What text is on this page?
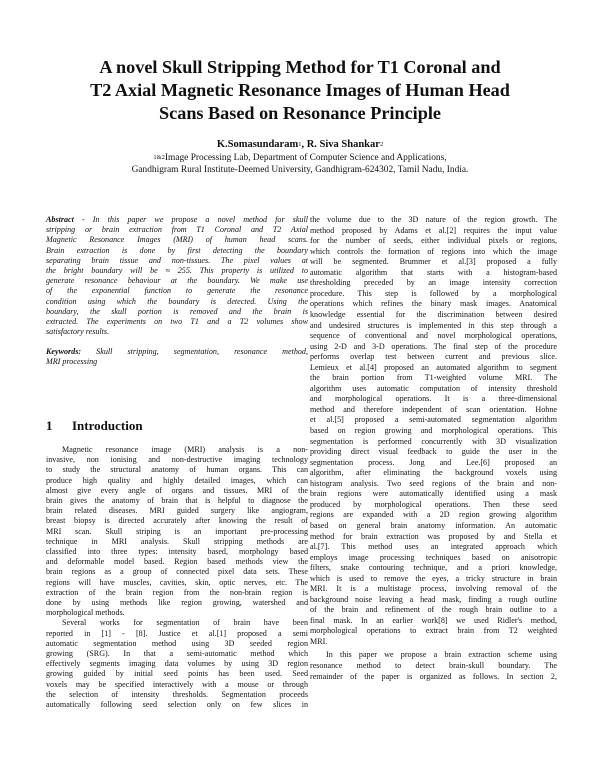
A novel Skull Stripping Method for T1 Coronal and
T2 Axial Magnetic Resonance Images of Human Head
Scans Based on Resonance Principle
K.Somasundaram$^1$, R. Siva Shankar$^2$
$^{1\&2}$Image Processing Lab, Department of Computer Science and Applications,
Gandhigram Rural Institute-Deemed University, Gandhigram-624302, Tamil Nadu, India.
Abstract - In this paper we propose a novel method for skull
stripping or brain extraction from T1 Coronal and T2 Axial
Magnetic Resonance Images (MRI) of human head scans.
Brain extraction is done by first detecting the boundary
separating brain tissue and non-tissues. The pixel values at
the bright boundary will be ≈ 255. This property is utilized to
generate resonance behaviour at the boundary. We make use
of the exponential function to generate the resonance
condition using which the boundary is detected. Using the
boundary, the skull portion is removed and the brain is
extracted. The experiments on two T1 and a T2 volumes show
satisfactory results.
Keywords: Skull stripping, segmentation, resonance method,
MRI processing
1 Introduction
Magnetic resonance image (MRI) analysis is a non-
invasive, non ionising and non-destructive imaging technology
to study the structural anatomy of human organs. This can
produce high quality and highly detailed images, which can
almost give every angle of organs and tissues. MRI of the
brain gives the anatomy of brain that is helpful to diagnose the
brain related diseases. MRI guided surgery like angiogram,
breast biopsy is directed accurately after knowing the result of
MRI scan. Skull striping is an important pre-processing
technique in MRI analysis. Skull stripping methods are
classified into three types: intensity based, morphology based
and deformable model based. Region based methods view the
brain regions as a group of connected pixel data sets. These
regions will have muscles, cavities, skin, optic nerves, etc. The
extraction of the brain region from the non-brain region is
done by using methods like region growing, watershed and
morphological methods.
Several works for segmentation of brain have been
reported in [1] - [8]. Justice et al.[1] proposed a semi
automatic segmentation method using 3D seeded region
growing (SRG). In that a semi-automatic method which
effectively segments imaging data volumes by using 3D region
growing guided by initial seed points has been used. Seed
voxels may be specified interactively with a mouse or through
the selection of intensity thresholds. Segmentation proceeds
automatically following seed selection only on few slices in
the volume due to the 3D nature of the region growth. The
method proposed by Adams et al.[2] requires the input value
for the number of seeds, either individual pixels or regions,
which controls the formation of regions into which the image
will be segmented. Brummer et al.[3] proposed a fully
automatic algorithm that starts with a histogram-based
thresholding preceded by an image intensity correction
procedure. This step is followed by a morphological
operations which refines the binary mask images. Anatomical
knowledge essential for the discrimination between desired
and undesired structures is implemented in this step through a
sequence of conventional and novel morphological operations,
using 2-D and 3-D operations. The final step of the procedure
performs overlap test between current and previous slice.
Lemieux et al.[4] proposed an automated algorithm to segment
the brain portion from T1-weighted volume MRI. The
algorithm uses automatic computation of intensity threshold
and morphological operations. It is a three-dimensional
method and therefore independent of scan orientation. Hohne
et al.[5] proposed a semi-automated segmentation algorithm
based on region growing and morphological operations. This
segmentation is performed concurrently with 3D visualization
providing direct visual feedback to guide the user in the
segmentation process. Jong and Lee.[6] proposed an
algorithm, after eliminating the background voxels using
histogram analysis. Two seed regions of the brain and non-
brain regions were automatically identified using a mask
produced by morphological operations. Then these seed
regions are expanded with a 2D region growing algorithm
based on general brain anatomy information. An automatic
method for brain extraction was proposed by and Stella et
al.[7]. This method uses an integrated approach which
employs image processing techniques based on anisotropic
filters, snake contouring technique, and a priori knowledge,
which is used to remove the eyes, a tricky structure in brain
MRI. It is a multistage process, involving removal of the
background noise leaving a head mask, finding a rough outline
of the brain and refinement of the rough brain outline to a
final mask. In an earlier work[8] we used Ridler's method,
morphological operations to extract brain from T2 weighted
MRI.
In this paper we propose a brain extraction scheme using
resonance method to detect brain-skull boundary. The
remainder of the paper is organized as follows. In section 2,
